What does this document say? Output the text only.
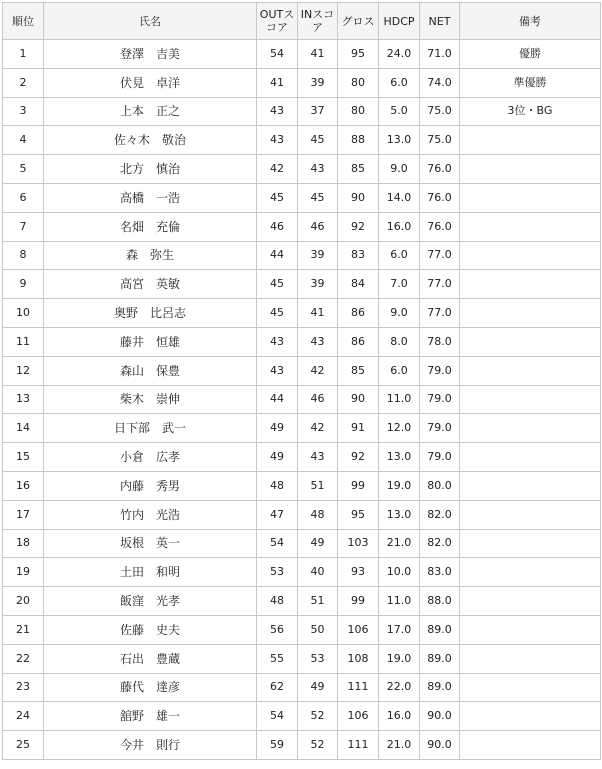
順位	氏名	OUTスコア	INスコア	グロス	HDCP	NET	備考
1	登澤　吉美	54	41	95	24.0	71.0	優勝
2	伏見　卓洋	41	39	80	6.0	74.0	準優勝
3	上本　正之	43	37	80	5.0	75.0	3位・BG
4	佐々木　敬治	43	45	88	13.0	75.0	
5	北方　慎治	42	43	85	9.0	76.0	
6	高橋　一浩	45	45	90	14.0	76.0	
7	名畑　充倫	46	46	92	16.0	76.0	
8	森　弥生	44	39	83	6.0	77.0	
9	高宮　英敏	45	39	84	7.0	77.0	
10	奥野　比呂志	45	41	86	9.0	77.0	
11	藤井　恒雄	43	43	86	8.0	78.0	
12	森山　保豊	43	42	85	6.0	79.0	
13	柴木　崇伸	44	46	90	11.0	79.0	
14	日下部　武一	49	42	91	12.0	79.0	
15	小倉　広孝	49	43	92	13.0	79.0	
16	内藤　秀男	48	51	99	19.0	80.0	
17	竹内　光浩	47	48	95	13.0	82.0	
18	坂根　英一	54	49	103	21.0	82.0	
19	土田　和明	53	40	93	10.0	83.0	
20	飯窪　光孝	48	51	99	11.0	88.0	
21	佐藤　史夫	56	50	106	17.0	89.0	
22	石出　豊蔵	55	53	108	19.0	89.0	
23	藤代　達彦	62	49	111	22.0	89.0	
24	舘野　雄一	54	52	106	16.0	90.0	
25	今井　則行	59	52	111	21.0	90.0	
